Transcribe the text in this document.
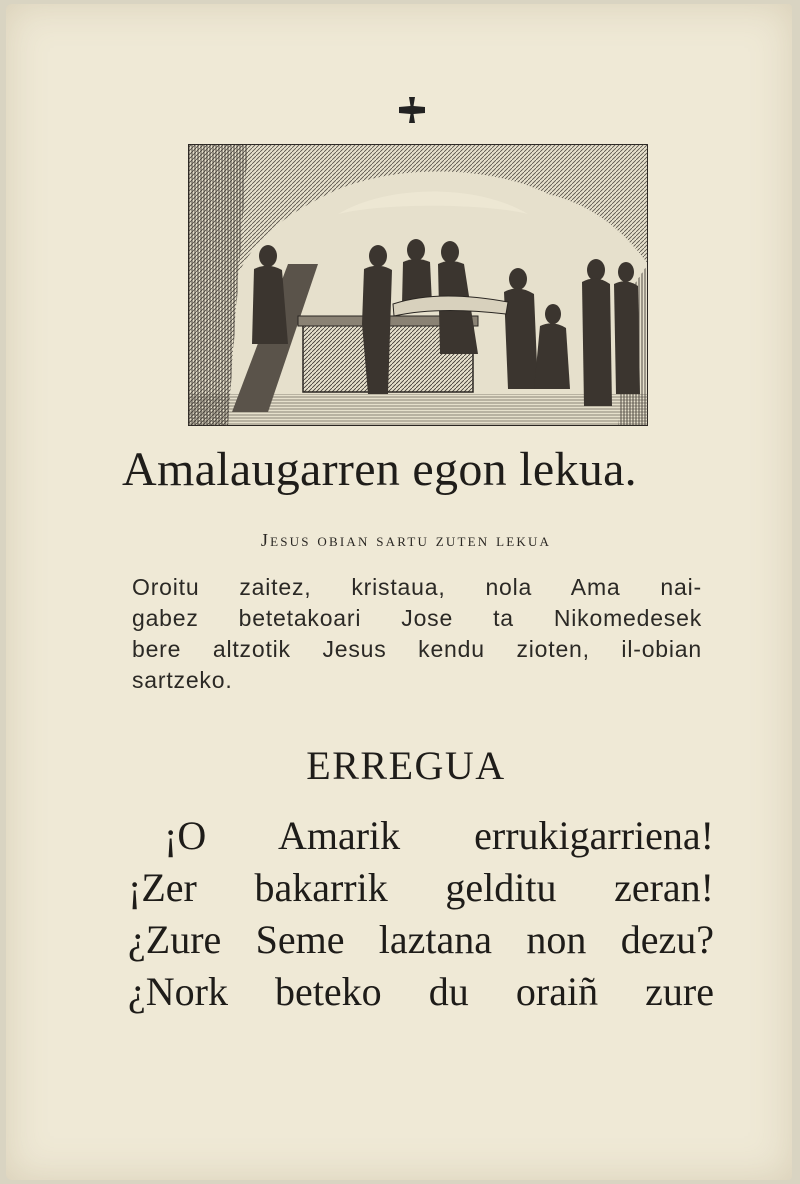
Amalaugarren egon lekua.
Jesus obian sartu zuten lekua
Oroitu zaitez, kristaua, nola Ama nai-
gabez betetakoari Jose ta Nikomedesek
bere altzotik Jesus kendu zioten, il-obian
sartzeko.
ERREGUA
¡O Amarik errukigarriena!
¡Zer bakarrik gelditu zeran!
¿Zure Seme laztana non dezu?
¿Nork beteko du oraiñ zure
